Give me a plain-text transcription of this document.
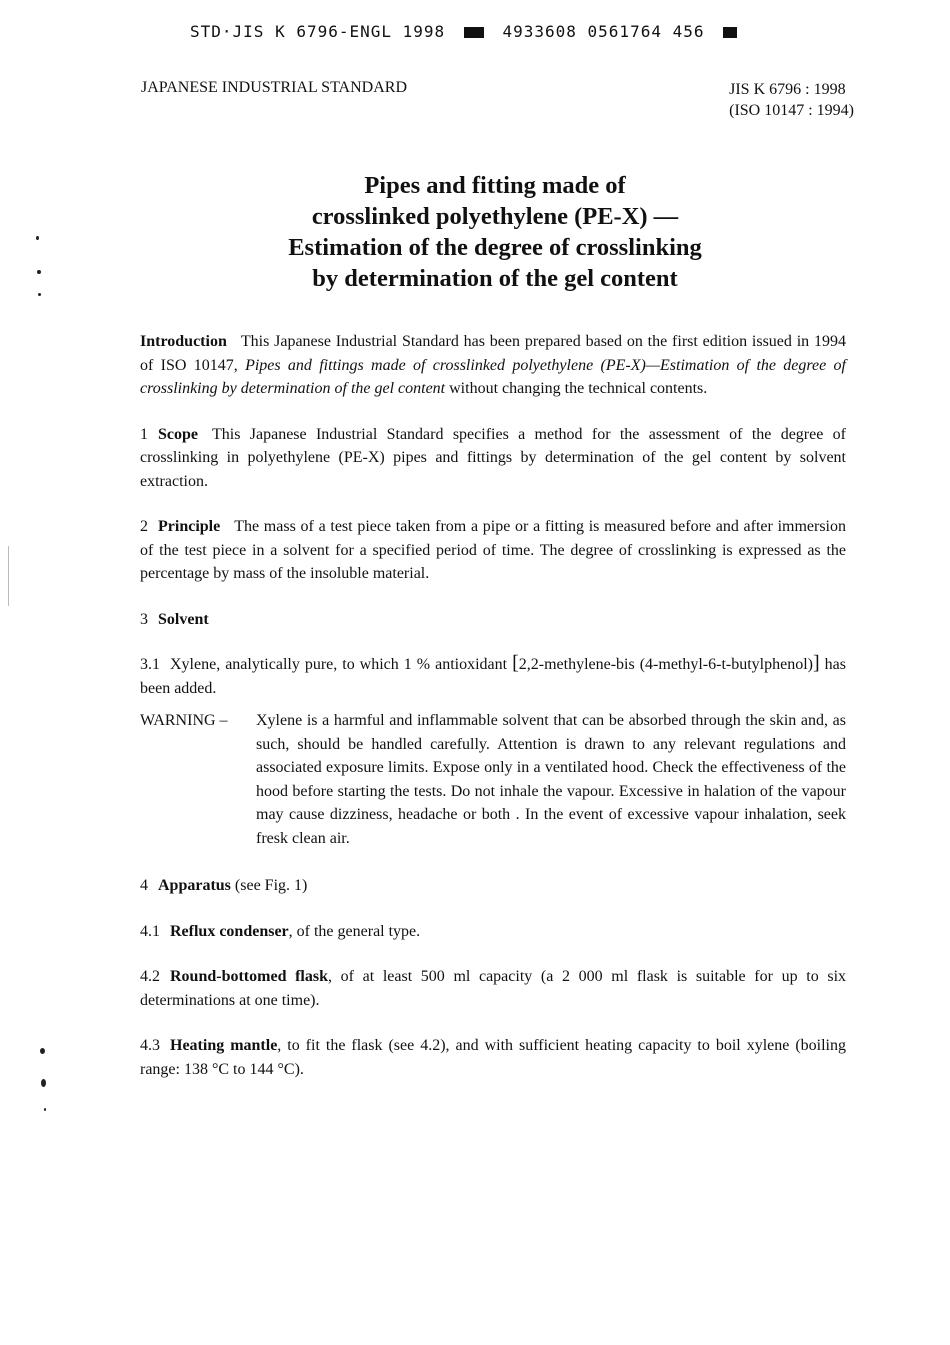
STD·JIS K 6796-ENGL 1998	4933608 0561764 456
JAPANESE INDUSTRIAL STANDARD	JIS K 6796 : 1998
(ISO 10147 : 1994)
Pipes and fitting made of
crosslinked polyethylene (PE-X) —
Estimation of the degree of crosslinking
by determination of the gel content

Introduction This Japanese Industrial Standard has been prepared based on the first edition issued in 1994 of ISO 10147, Pipes and fittings made of crosslinked polyethylene (PE-X)—Estimation of the degree of crosslinking by determination of the gel content without changing the technical contents.

1 Scope This Japanese Industrial Standard specifies a method for the assessment of the degree of crosslinking in polyethylene (PE-X) pipes and fittings by determination of the gel content by solvent extraction.

2 Principle The mass of a test piece taken from a pipe or a fitting is measured before and after immersion of the test piece in a solvent for a specified period of time. The degree of crosslinking is expressed as the percentage by mass of the insoluble material.

3 Solvent

3.1 Xylene, analytically pure, to which 1 % antioxidant [2,2-methylene-bis (4-methyl-6-t-butylphenol)] has been added.

WARNING –	Xylene is a harmful and inflammable solvent that can be absorbed through the skin and, as such, should be handled carefully. Attention is drawn to any relevant regulations and associated exposure limits. Expose only in a ventilated hood. Check the effectiveness of the hood before starting the tests. Do not inhale the vapour. Excessive in halation of the vapour may cause dizziness, headache or both . In the event of excessive vapour inhalation, seek fresk clean air.

4 Apparatus (see Fig. 1)

4.1 Reflux condenser, of the general type.

4.2 Round-bottomed flask, of at least 500 ml capacity (a 2 000 ml flask is suitable for up to six determinations at one time).

4.3 Heating mantle, to fit the flask (see 4.2), and with sufficient heating capacity to boil xylene (boiling range: 138 °C to 144 °C).
